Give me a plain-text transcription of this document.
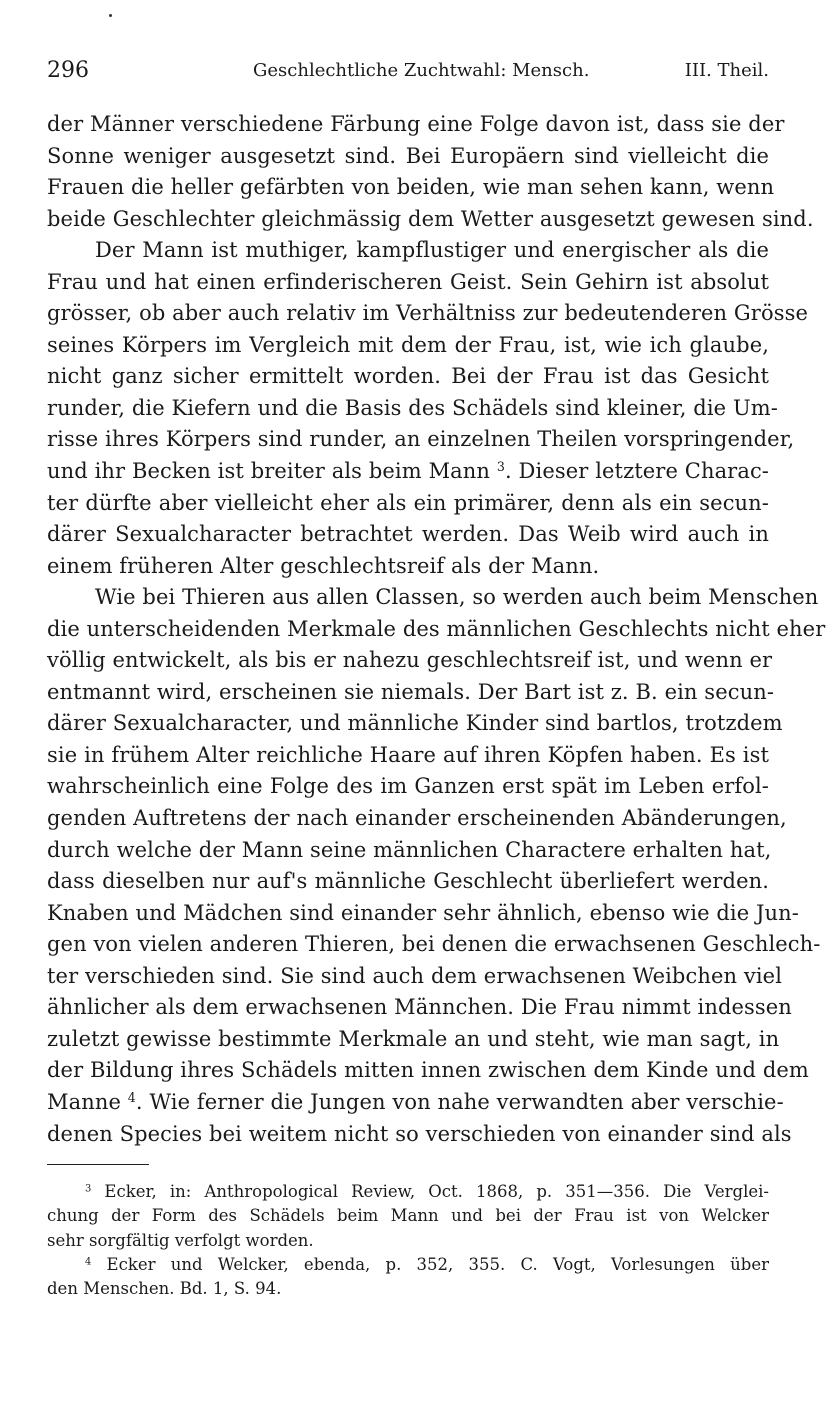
296	Geschlechtliche Zuchtwahl: Mensch.	III. Theil.
der Männer verschiedene Färbung eine Folge davon ist, dass sie der
Sonne weniger ausgesetzt sind. Bei Europäern sind vielleicht die
Frauen die heller gefärbten von beiden, wie man sehen kann, wenn
beide Geschlechter gleichmässig dem Wetter ausgesetzt gewesen sind.
Der Mann ist muthiger, kampflustiger und energischer als die
Frau und hat einen erfinderischeren Geist. Sein Gehirn ist absolut
grösser, ob aber auch relativ im Verhältniss zur bedeutenderen Grösse
seines Körpers im Vergleich mit dem der Frau, ist, wie ich glaube,
nicht ganz sicher ermittelt worden. Bei der Frau ist das Gesicht
runder, die Kiefern und die Basis des Schädels sind kleiner, die Um-
risse ihres Körpers sind runder, an einzelnen Theilen vorspringender,
und ihr Becken ist breiter als beim Mann $^3$. Dieser letztere Charac-
ter dürfte aber vielleicht eher als ein primärer, denn als ein secun-
därer Sexualcharacter betrachtet werden. Das Weib wird auch in
einem früheren Alter geschlechtsreif als der Mann.
Wie bei Thieren aus allen Classen, so werden auch beim Menschen
die unterscheidenden Merkmale des männlichen Geschlechts nicht eher
völlig entwickelt, als bis er nahezu geschlechtsreif ist, und wenn er
entmannt wird, erscheinen sie niemals. Der Bart ist z. B. ein secun-
därer Sexualcharacter, und männliche Kinder sind bartlos, trotzdem
sie in frühem Alter reichliche Haare auf ihren Köpfen haben. Es ist
wahrscheinlich eine Folge des im Ganzen erst spät im Leben erfol-
genden Auftretens der nach einander erscheinenden Abänderungen,
durch welche der Mann seine männlichen Charactere erhalten hat,
dass dieselben nur auf's männliche Geschlecht überliefert werden.
Knaben und Mädchen sind einander sehr ähnlich, ebenso wie die Jun-
gen von vielen anderen Thieren, bei denen die erwachsenen Geschlech-
ter verschieden sind. Sie sind auch dem erwachsenen Weibchen viel
ähnlicher als dem erwachsenen Männchen. Die Frau nimmt indessen
zuletzt gewisse bestimmte Merkmale an und steht, wie man sagt, in
der Bildung ihres Schädels mitten innen zwischen dem Kinde und dem
Manne $^4$. Wie ferner die Jungen von nahe verwandten aber verschie-
denen Species bei weitem nicht so verschieden von einander sind als
$^3$ Ecker, in: Anthropological Review, Oct. 1868, p. 351—356. Die Verglei-
chung der Form des Schädels beim Mann und bei der Frau ist von Welcker
sehr sorgfältig verfolgt worden.
$^4$ Ecker und Welcker, ebenda, p. 352, 355. C. Vogt, Vorlesungen über
den Menschen. Bd. 1, S. 94.
